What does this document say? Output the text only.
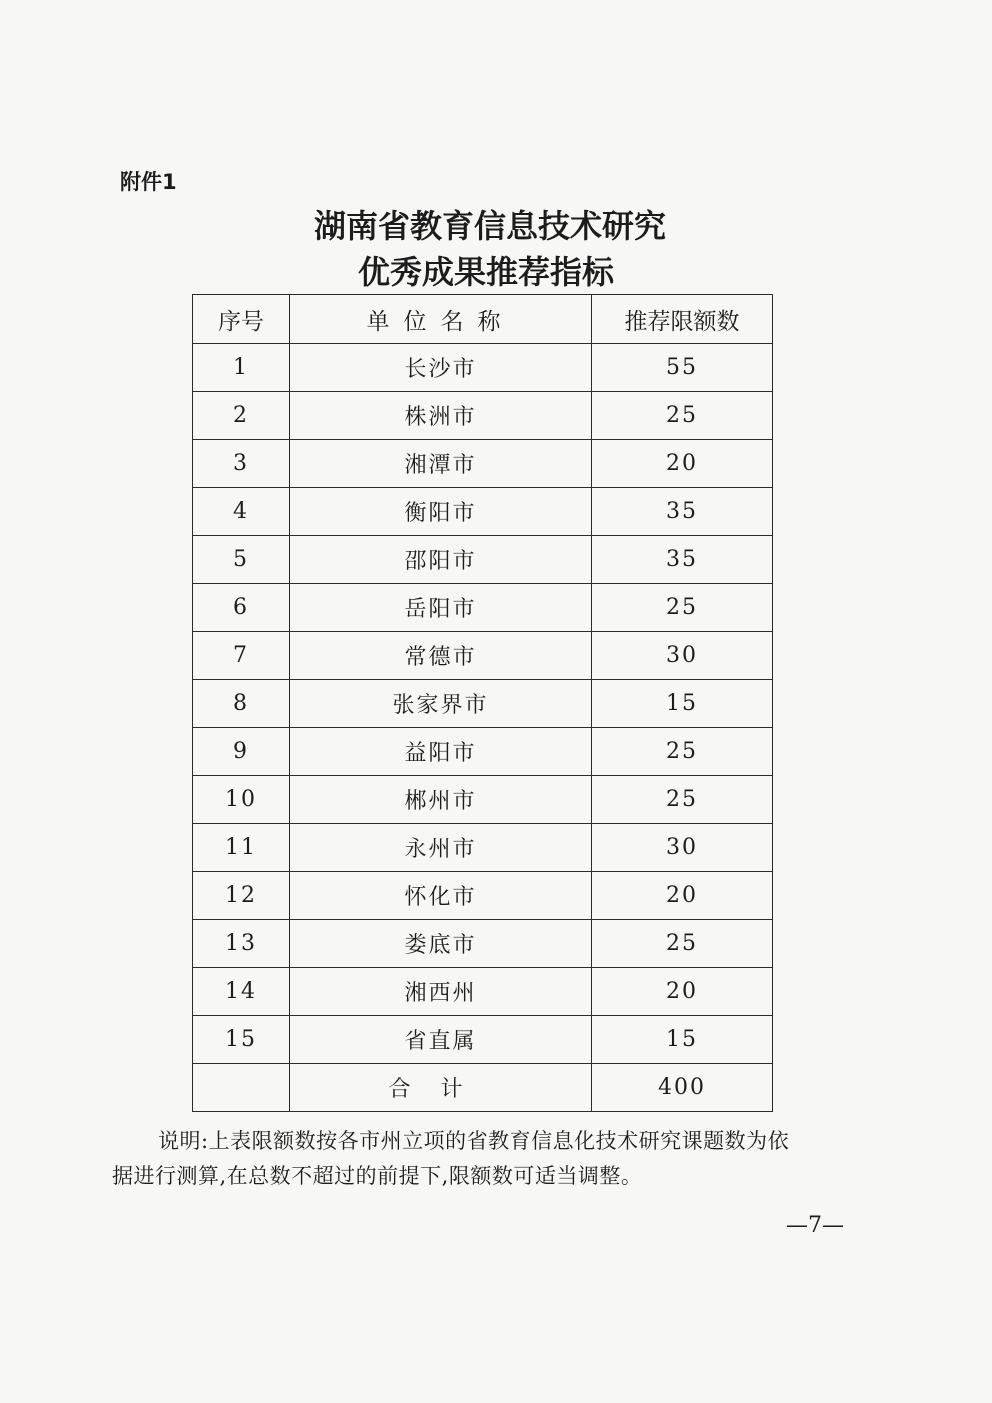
附件1
湖南省教育信息技术研究
优秀成果推荐指标
序号	单位名称	推荐限额数
1	长沙市	55
2	株洲市	25
3	湘潭市	20
4	衡阳市	35
5	邵阳市	35
6	岳阳市	25
7	常德市	30
8	张家界市	15
9	益阳市	25
10	郴州市	25
11	永州市	30
12	怀化市	20
13	娄底市	25
14	湘西州	20
15	省直属	15
	合计	400
说明:上表限额数按各市州立项的省教育信息化技术研究课题数为依
据进行测算,在总数不超过的前提下,限额数可适当调整。
—7—
